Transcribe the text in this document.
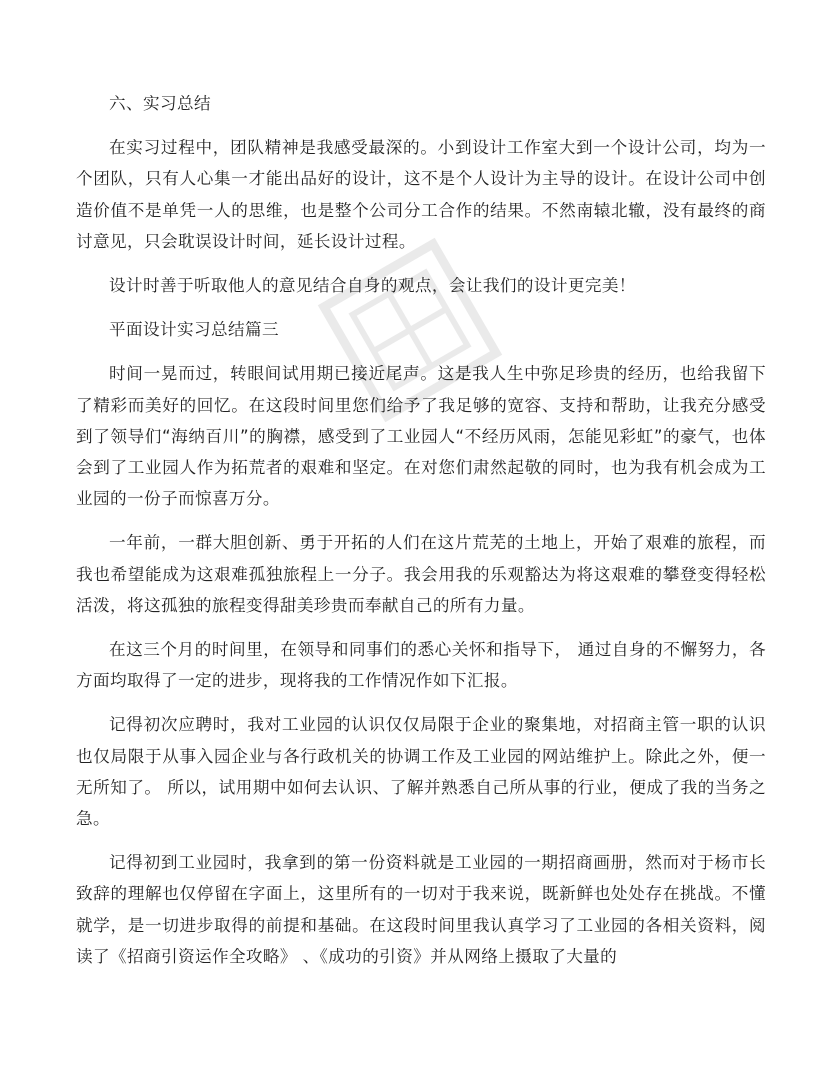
六、实习总结

在实习过程中，团队精神是我感受最深的。小到设计工作室大到一个设计公司，均为一个团队，只有人心集一才能出品好的设计，这不是个人设计为主导的设计。在设计公司中创造价值不是单凭一人的思维，也是整个公司分工合作的结果。不然南辕北辙，没有最终的商讨意见，只会耽误设计时间，延长设计过程。

设计时善于听取他人的意见结合自身的观点，会让我们的设计更完美！

平面设计实习总结篇三

时间一晃而过，转眼间试用期已接近尾声。这是我人生中弥足珍贵的经历，也给我留下了精彩而美好的回忆。在这段时间里您们给予了我足够的宽容、支持和帮助，让我充分感受到了领导们“海纳百川”的胸襟，感受到了工业园人“不经历风雨，怎能见彩虹”的豪气，也体会到了工业园人作为拓荒者的艰难和坚定。在对您们肃然起敬的同时，也为我有机会成为工业园的一份子而惊喜万分。

一年前，一群大胆创新、勇于开拓的人们在这片荒芜的土地上，开始了艰难的旅程，而我也希望能成为这艰难孤独旅程上一分子。我会用我的乐观豁达为将这艰难的攀登变得轻松活泼，将这孤独的旅程变得甜美珍贵而奉献自己的所有力量。

在这三个月的时间里，在领导和同事们的悉心关怀和指导下， 通过自身的不懈努力，各方面均取得了一定的进步，现将我的工作情况作如下汇报。

记得初次应聘时，我对工业园的认识仅仅局限于企业的聚集地，对招商主管一职的认识也仅局限于从事入园企业与各行政机关的协调工作及工业园的网站维护上。除此之外，便一无所知了。 所以，试用期中如何去认识、了解并熟悉自己所从事的行业，便成了我的当务之急。

记得初到工业园时，我拿到的第一份资料就是工业园的一期招商画册，然而对于杨市长致辞的理解也仅停留在字面上，这里所有的一切对于我来说，既新鲜也处处存在挑战。不懂就学，是一切进步取得的前提和基础。在这段时间里我认真学习了工业园的各相关资料，阅读了《招商引资运作全攻略》 、《成功的引资》并从网络上摄取了大量的
